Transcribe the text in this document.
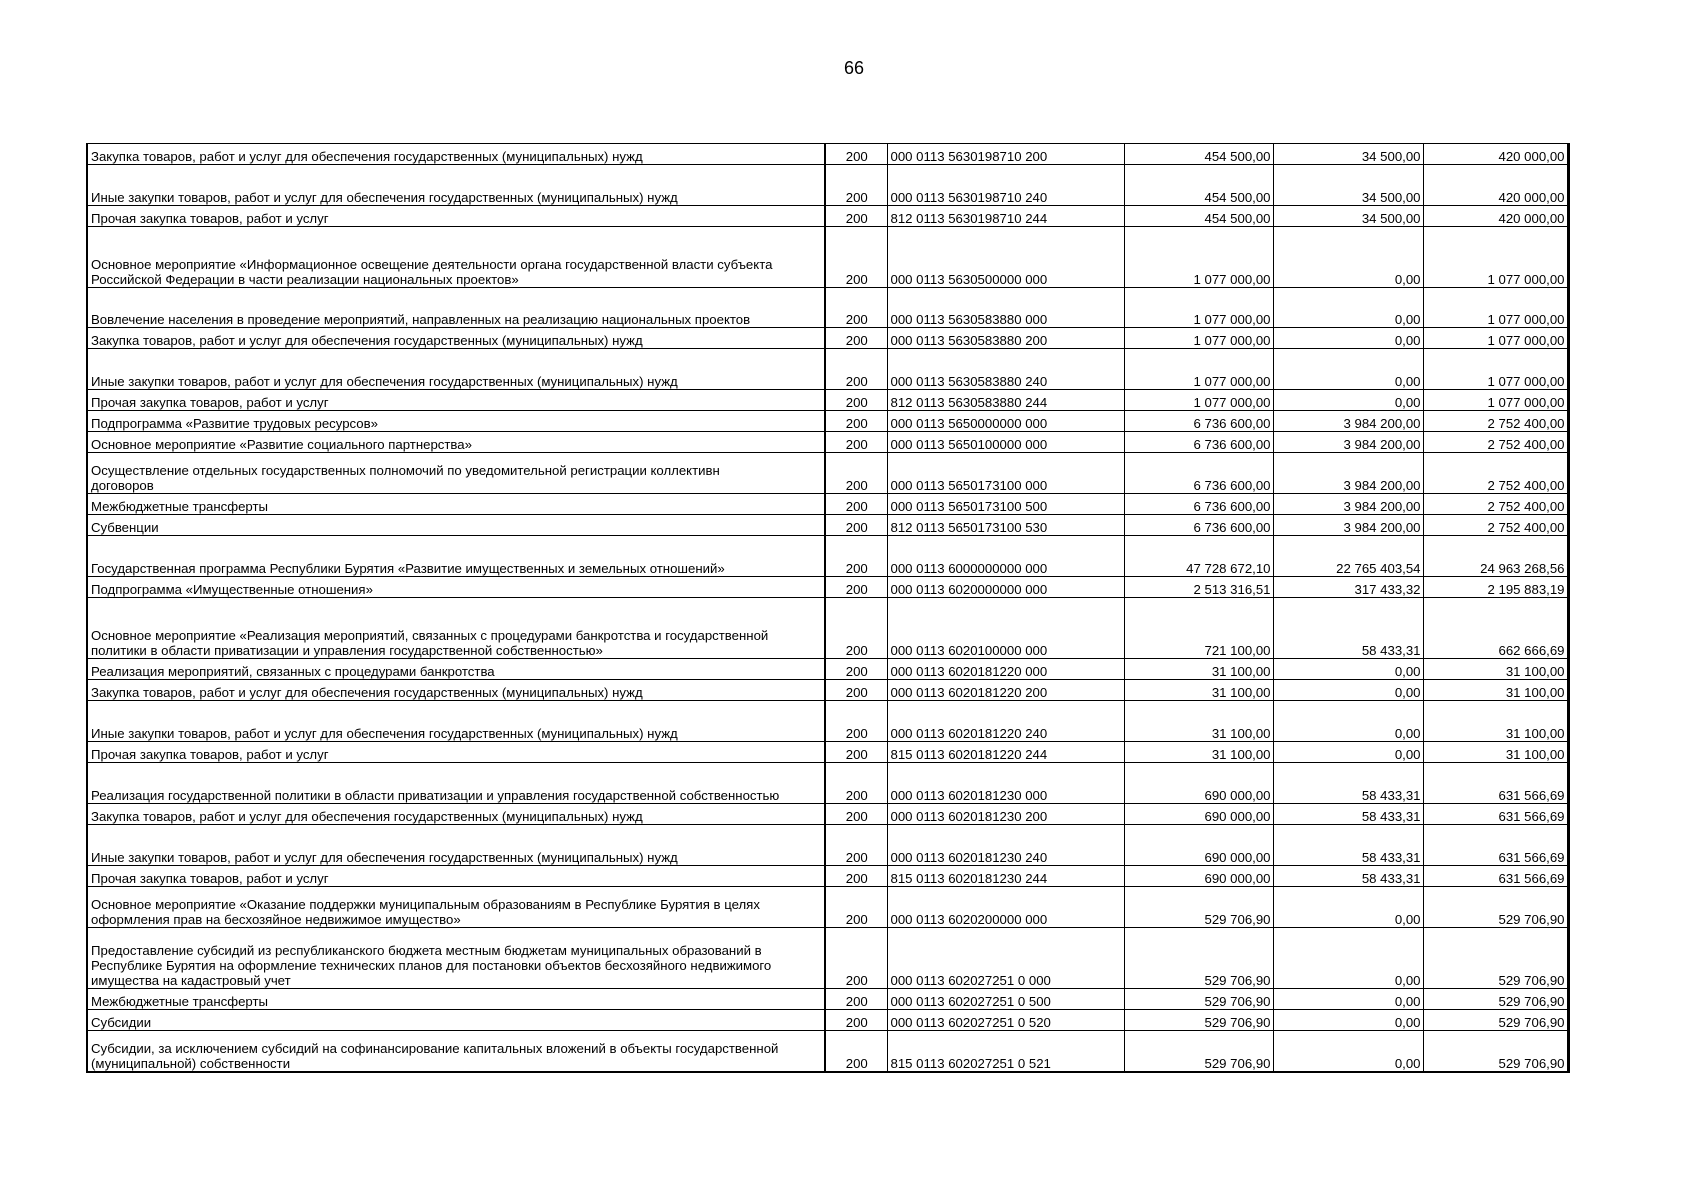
66
Закупка товаров, работ и услуг для обеспечения государственных (муниципальных) нужд	200	000 0113 5630198710 200	454 500,00	34 500,00	420 000,00
Иные закупки товаров, работ и услуг для обеспечения государственных (муниципальных) нужд	200	000 0113 5630198710 240	454 500,00	34 500,00	420 000,00
Прочая закупка товаров, работ и услуг	200	812 0113 5630198710 244	454 500,00	34 500,00	420 000,00
Основное мероприятие «Информационное освещение деятельности органа государственной власти субъекта Российской Федерации в части реализации национальных проектов»	200	000 0113 5630500000 000	1 077 000,00	0,00	1 077 000,00
Вовлечение населения в проведение мероприятий, направленных на реализацию национальных проектов	200	000 0113 5630583880 000	1 077 000,00	0,00	1 077 000,00
Закупка товаров, работ и услуг для обеспечения государственных (муниципальных) нужд	200	000 0113 5630583880 200	1 077 000,00	0,00	1 077 000,00
Иные закупки товаров, работ и услуг для обеспечения государственных (муниципальных) нужд	200	000 0113 5630583880 240	1 077 000,00	0,00	1 077 000,00
Прочая закупка товаров, работ и услуг	200	812 0113 5630583880 244	1 077 000,00	0,00	1 077 000,00
Подпрограмма «Развитие трудовых ресурсов»	200	000 0113 5650000000 000	6 736 600,00	3 984 200,00	2 752 400,00
Основное мероприятие «Развитие социального партнерства»	200	000 0113 5650100000 000	6 736 600,00	3 984 200,00	2 752 400,00

Осуществление отдельных государственных полномочий по уведомительной регистрации коллективн
договоров	200	000 0113 5650173100 000	6 736 600,00	3 984 200,00	2 752 400,00
Межбюджетные трансферты	200	000 0113 5650173100 500	6 736 600,00	3 984 200,00	2 752 400,00
Субвенции	200	812 0113 5650173100 530	6 736 600,00	3 984 200,00	2 752 400,00
Государственная программа Республики Бурятия «Развитие имущественных и земельных отношений»	200	000 0113 6000000000 000	47 728 672,10	22 765 403,54	24 963 268,56
Подпрограмма «Имущественные отношения»	200	000 0113 6020000000 000	2 513 316,51	317 433,32	2 195 883,19
Основное мероприятие «Реализация мероприятий, связанных с процедурами банкротства и государственной политики в области приватизации и управления государственной собственностью»	200	000 0113 6020100000 000	721 100,00	58 433,31	662 666,69
Реализация мероприятий, связанных с процедурами банкротства	200	000 0113 6020181220 000	31 100,00	0,00	31 100,00
Закупка товаров, работ и услуг для обеспечения государственных (муниципальных) нужд	200	000 0113 6020181220 200	31 100,00	0,00	31 100,00
Иные закупки товаров, работ и услуг для обеспечения государственных (муниципальных) нужд	200	000 0113 6020181220 240	31 100,00	0,00	31 100,00
Прочая закупка товаров, работ и услуг	200	815 0113 6020181220 244	31 100,00	0,00	31 100,00
Реализация государственной политики в области приватизации и управления государственной собственностью	200	000 0113 6020181230 000	690 000,00	58 433,31	631 566,69
Закупка товаров, работ и услуг для обеспечения государственных (муниципальных) нужд	200	000 0113 6020181230 200	690 000,00	58 433,31	631 566,69
Иные закупки товаров, работ и услуг для обеспечения государственных (муниципальных) нужд	200	000 0113 6020181230 240	690 000,00	58 433,31	631 566,69
Прочая закупка товаров, работ и услуг	200	815 0113 6020181230 244	690 000,00	58 433,31	631 566,69
Основное мероприятие «Оказание поддержки муниципальным образованиям в Республике Бурятия в целях оформления прав на бесхозяйное недвижимое имущество»	200	000 0113 6020200000 000	529 706,90	0,00	529 706,90
Предоставление субсидий из республиканского бюджета местным бюджетам муниципальных образований в Республике Бурятия на оформление технических планов для постановки объектов бесхозяйного недвижимого имущества на кадастровый учет	200	000 0113 602027251 0 000	529 706,90	0,00	529 706,90
Межбюджетные трансферты	200	000 0113 602027251 0 500	529 706,90	0,00	529 706,90
Субсидии	200	000 0113 602027251 0 520	529 706,90	0,00	529 706,90
Субсидии, за исключением субсидий на софинансирование капитальных вложений в объекты государственной (муниципальной) собственности	200	815 0113 602027251 0 521	529 706,90	0,00	529 706,90
